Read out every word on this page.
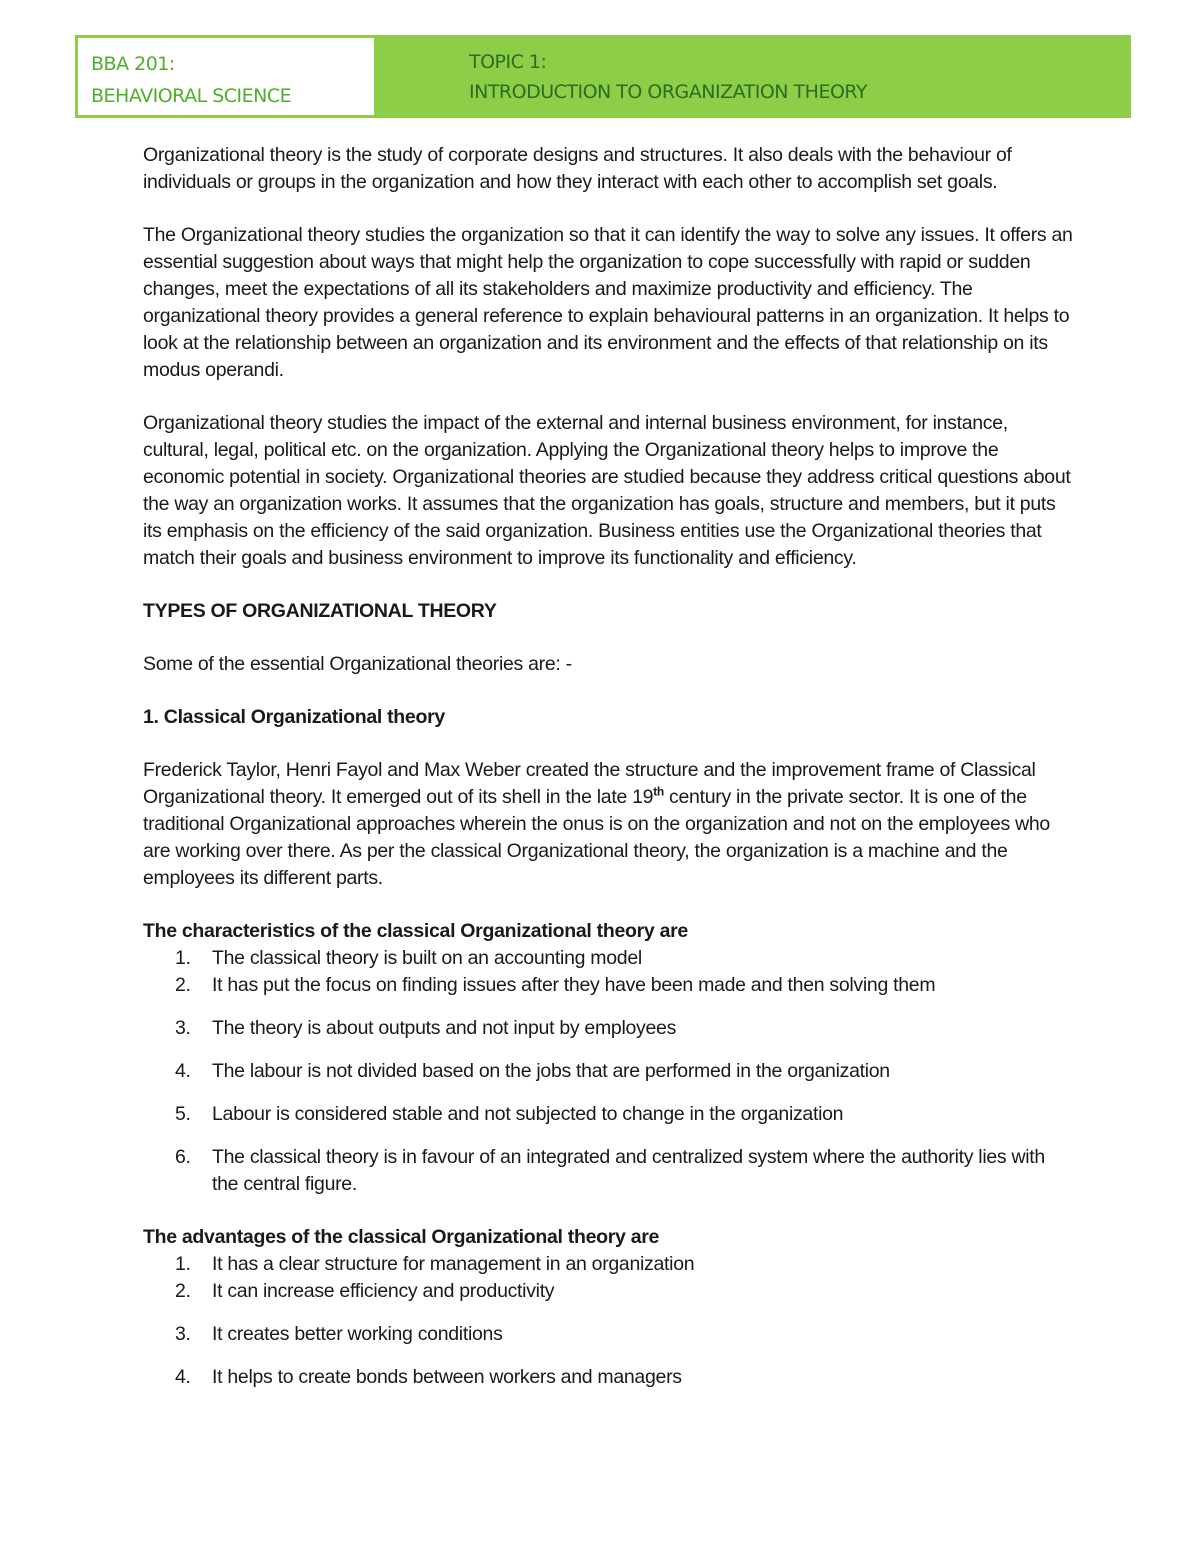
BBA 201:
BEHAVIORAL SCIENCE
TOPIC 1:
INTRODUCTION TO ORGANIZATION THEORY

Organizational theory is the study of corporate designs and structures. It also deals with the behaviour of individuals or groups in the organization and how they interact with each other to accomplish set goals.

The Organizational theory studies the organization so that it can identify the way to solve any issues. It offers an essential suggestion about ways that might help the organization to cope successfully with rapid or sudden changes, meet the expectations of all its stakeholders and maximize productivity and efficiency. The organizational theory provides a general reference to explain behavioural patterns in an organization. It helps to look at the relationship between an organization and its environment and the effects of that relationship on its modus operandi.

Organizational theory studies the impact of the external and internal business environment, for instance, cultural, legal, political etc. on the organization. Applying the Organizational theory helps to improve the economic potential in society. Organizational theories are studied because they address critical questions about the way an organization works. It assumes that the organization has goals, structure and members, but it puts its emphasis on the efficiency of the said organization. Business entities use the Organizational theories that match their goals and business environment to improve its functionality and efficiency.

TYPES OF ORGANIZATIONAL THEORY

Some of the essential Organizational theories are: -

1. Classical Organizational theory

Frederick Taylor, Henri Fayol and Max Weber created the structure and the improvement frame of Classical Organizational theory. It emerged out of its shell in the late 19th century in the private sector. It is one of the traditional Organizational approaches wherein the onus is on the organization and not on the employees who are working over there. As per the classical Organizational theory, the organization is a machine and the employees its different parts.

The characteristics of the classical Organizational theory are

1.	The classical theory is built on an accounting model
2.	It has put the focus on finding issues after they have been made and then solving them
3.	The theory is about outputs and not input by employees
4.	The labour is not divided based on the jobs that are performed in the organization
5.	Labour is considered stable and not subjected to change in the organization
6.	The classical theory is in favour of an integrated and centralized system where the authority lies with the central figure.

The advantages of the classical Organizational theory are

1.	It has a clear structure for management in an organization
2.	It can increase efficiency and productivity
3.	It creates better working conditions
4.	It helps to create bonds between workers and managers
